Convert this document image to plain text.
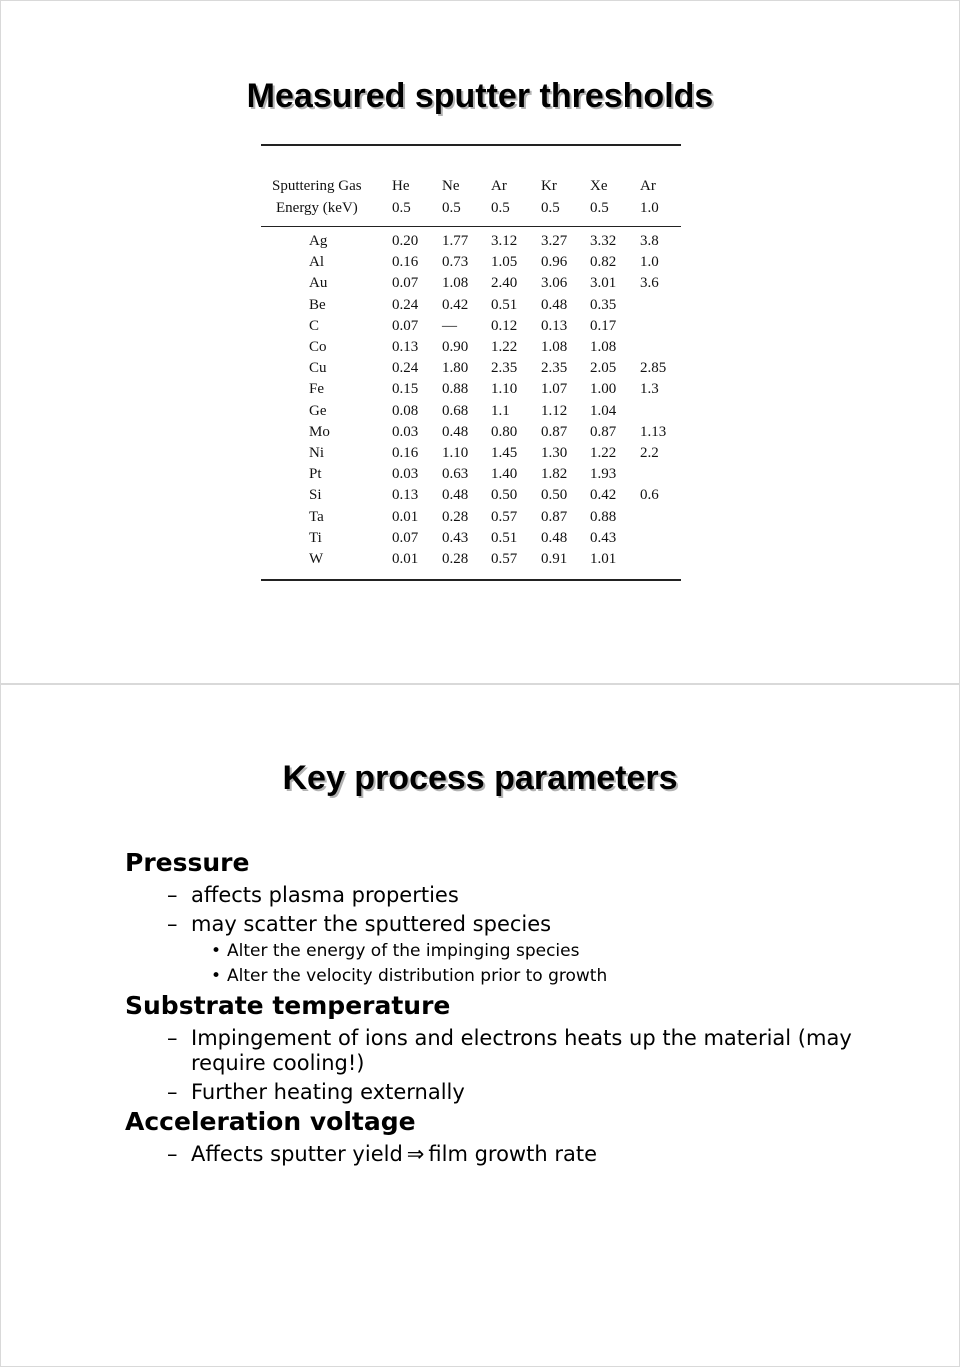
Measured sputter thresholds
Sputtering Gas He Ne Ar Kr Xe Ar
Energy (keV) 0.5 0.5 0.5 0.5 0.5 1.0
Ag	0.20 1.77 3.12 3.27 3.32 3.8
Al	0.16 0.73 1.05 0.96 0.82 1.0
Au	0.07 1.08 2.40 3.06 3.01 3.6
Be	0.24 0.42 0.51 0.48 0.35
C	0.07 — 0.12 0.13 0.17
Co	0.13 0.90 1.22 1.08 1.08
Cu	0.24 1.80 2.35 2.35 2.05 2.85
Fe	0.15 0.88 1.10 1.07 1.00 1.3
Ge	0.08 0.68 1.1 1.12 1.04
Mo	0.03 0.48 0.80 0.87 0.87 1.13
Ni	0.16 1.10 1.45 1.30 1.22 2.2
Pt	0.03 0.63 1.40 1.82 1.93
Si	0.13 0.48 0.50 0.50 0.42 0.6
Ta	0.01 0.28 0.57 0.87 0.88
Ti	0.07 0.43 0.51 0.48 0.43
W	0.01 0.28 0.57 0.91 1.01
Key process parameters
Pressure
– affects plasma properties
– may scatter the sputtered species
• Alter the energy of the impinging species
• Alter the velocity distribution prior to growth
Substrate temperature
– Impingement of ions and electrons heats up the material (may require cooling!)
– Further heating externally
Acceleration voltage
– Affects sputter yield ⇒ film growth rate
